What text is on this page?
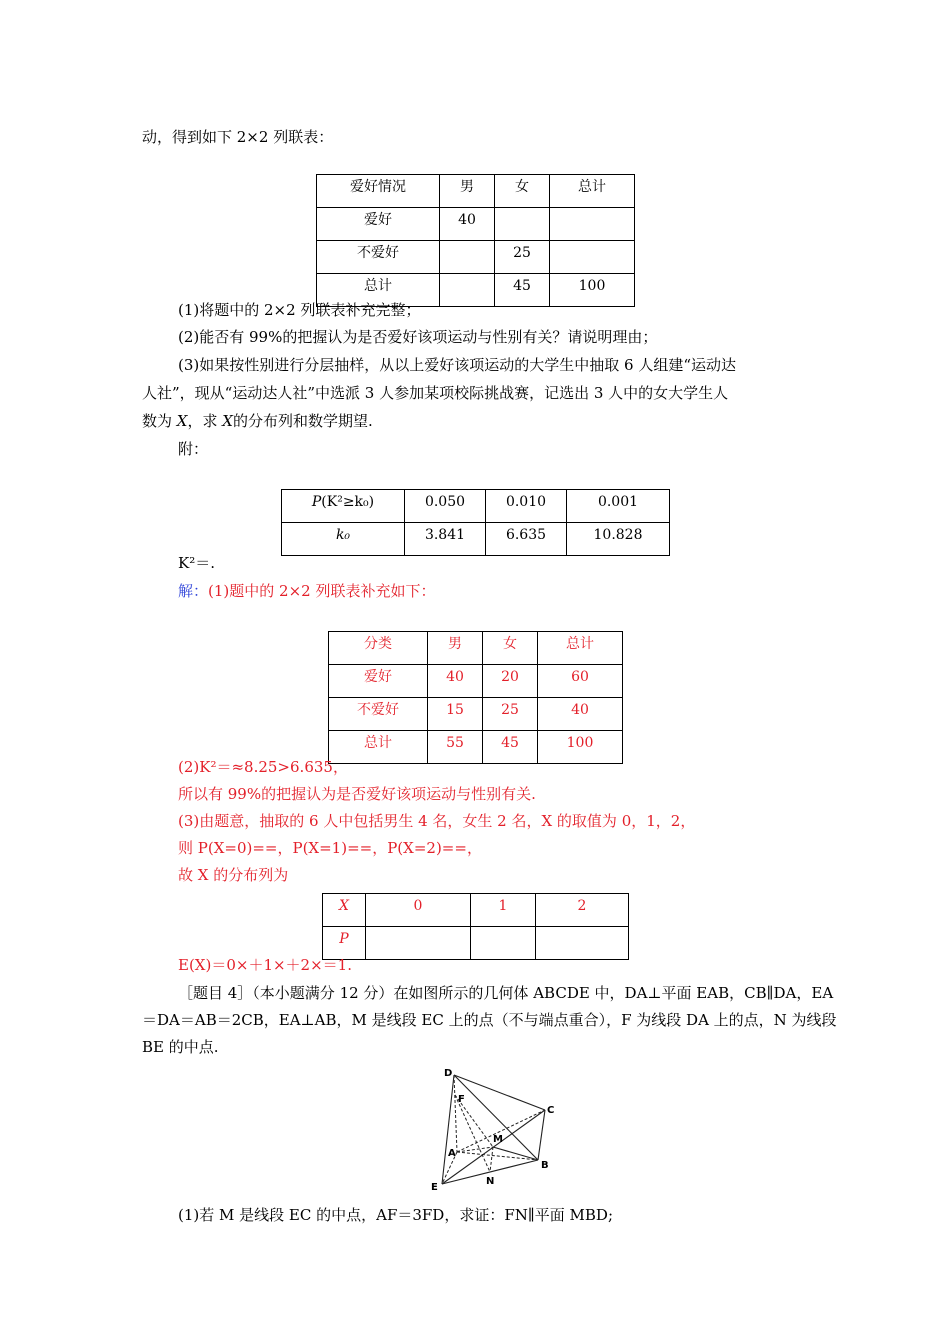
动，得到如下 2×2 列联表：
爱好情况	男	女	总计
爱好	40		
不爱好		25	
总计		45	100
(1)将题中的 2×2 列联表补充完整；
(2)能否有 99%的把握认为是否爱好该项运动与性别有关？请说明理由；
(3)如果按性别进行分层抽样，从以上爱好该项运动的大学生中抽取 6 人组建“运动达
人社”，现从“运动达人社”中选派 3 人参加某项校际挑战赛，记选出 3 人中的女大学生人
数为 X，求 X的分布列和数学期望.
附：
P(K²≥k₀)	0.050	0.010	0.001
k₀	3.841	6.635	10.828
K²＝.
解：(1)题中的 2×2 列联表补充如下：
分类	男	女	总计
爱好	40	20	60
不爱好	15	25	40
总计	55	45	100
(2)K²＝≈8.25>6.635，
所以有 99%的把握认为是否爱好该项运动与性别有关.
(3)由题意，抽取的 6 人中包括男生 4 名，女生 2 名，X 的取值为 0，1，2，
则 P(X=0)==，P(X=1)==，P(X=2)==，
故 X 的分布列为
X	0	1	2
P			
E(X)＝0×＋1×＋2×＝1.
［题目 4］（本小题满分 12 分）在如图所示的几何体 ABCDE 中，DA⊥平面 EAB，CB∥DA，EA
＝DA＝AB＝2CB，EA⊥AB，M 是线段 EC 上的点（不与端点重合），F 为线段 DA 上的点，N 为线段
BE 的中点.
D
F
C
M
A
B
E
N
(1)若 M 是线段 EC 的中点，AF＝3FD，求证：FN∥平面 MBD;
